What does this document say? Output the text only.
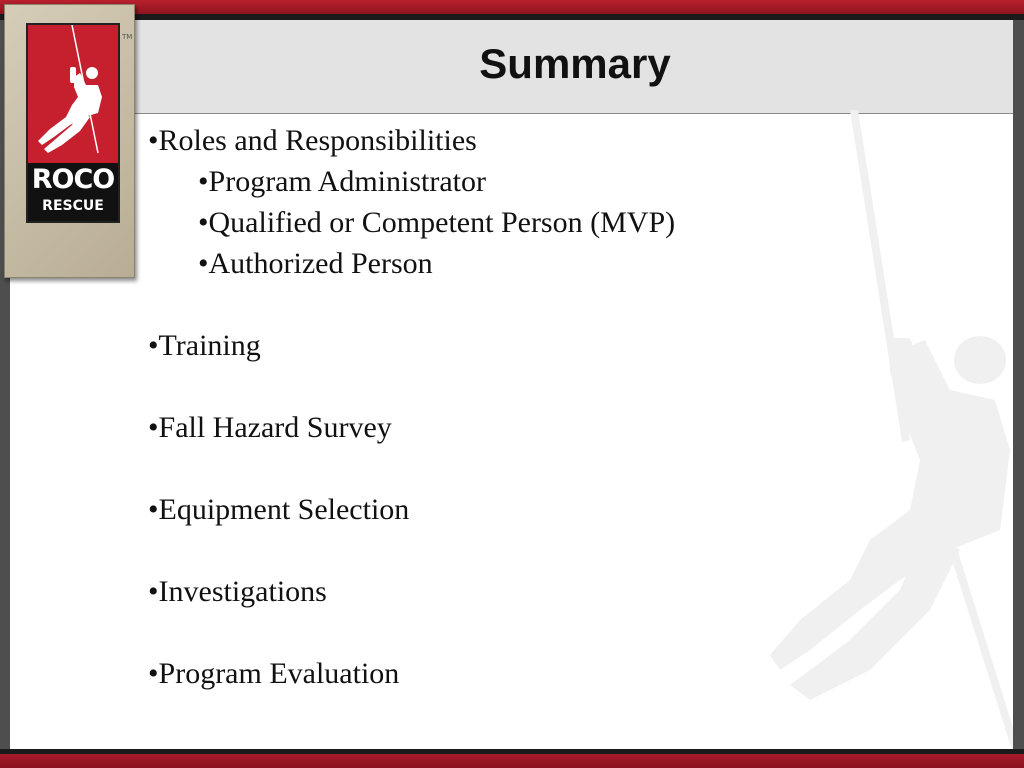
Summary
• Roles and Responsibilities
• Program Administrator
• Qualified or Competent Person (MVP)
• Authorized Person
• Training
• Fall Hazard Survey
• Equipment Selection
• Investigations
• Program Evaluation
TM
ROCO
RESCUE
